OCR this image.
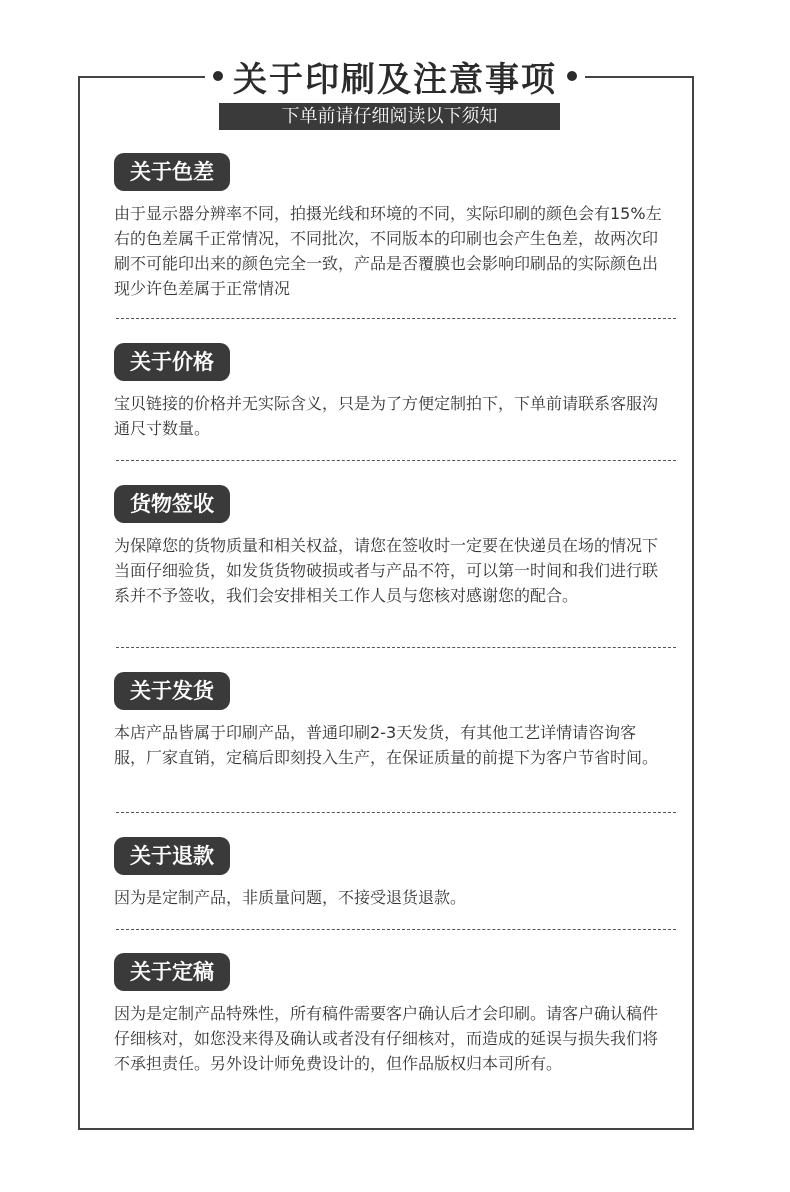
关于印刷及注意事项
下单前请仔细阅读以下须知
关于色差
由于显示器分辨率不同，拍摄光线和环境的不同，实际印刷的颜色会有15%左右的色差属千正常情况，不同批次，不同版本的印刷也会产生色差，故两次印刷不可能印出来的颜色完全一致，产品是否覆膜也会影响印刷品的实际颜色出现少许色差属于正常情况
关于价格
宝贝链接的价格并无实际含义，只是为了方便定制拍下，下单前请联系客服沟通尺寸数量。
货物签收
为保障您的货物质量和相关权益，请您在签收时一定要在快递员在场的情况下当面仔细验货，如发货货物破损或者与产品不符，可以第一时间和我们进行联系并不予签收，我们会安排相关工作人员与您核对感谢您的配合。
关于发货
本店产品皆属于印刷产品，普通印刷2-3天发货，有其他工艺详情请咨询客服，厂家直销，定稿后即刻投入生产，在保证质量的前提下为客户节省时间。
关于退款
因为是定制产品，非质量问题，不接受退货退款。
关于定稿
因为是定制产品特殊性，所有稿件需要客户确认后才会印刷。请客户确认稿件仔细核对，如您没来得及确认或者没有仔细核对，而造成的延误与损失我们将不承担责任。另外设计师免费设计的，但作品版权归本司所有。
